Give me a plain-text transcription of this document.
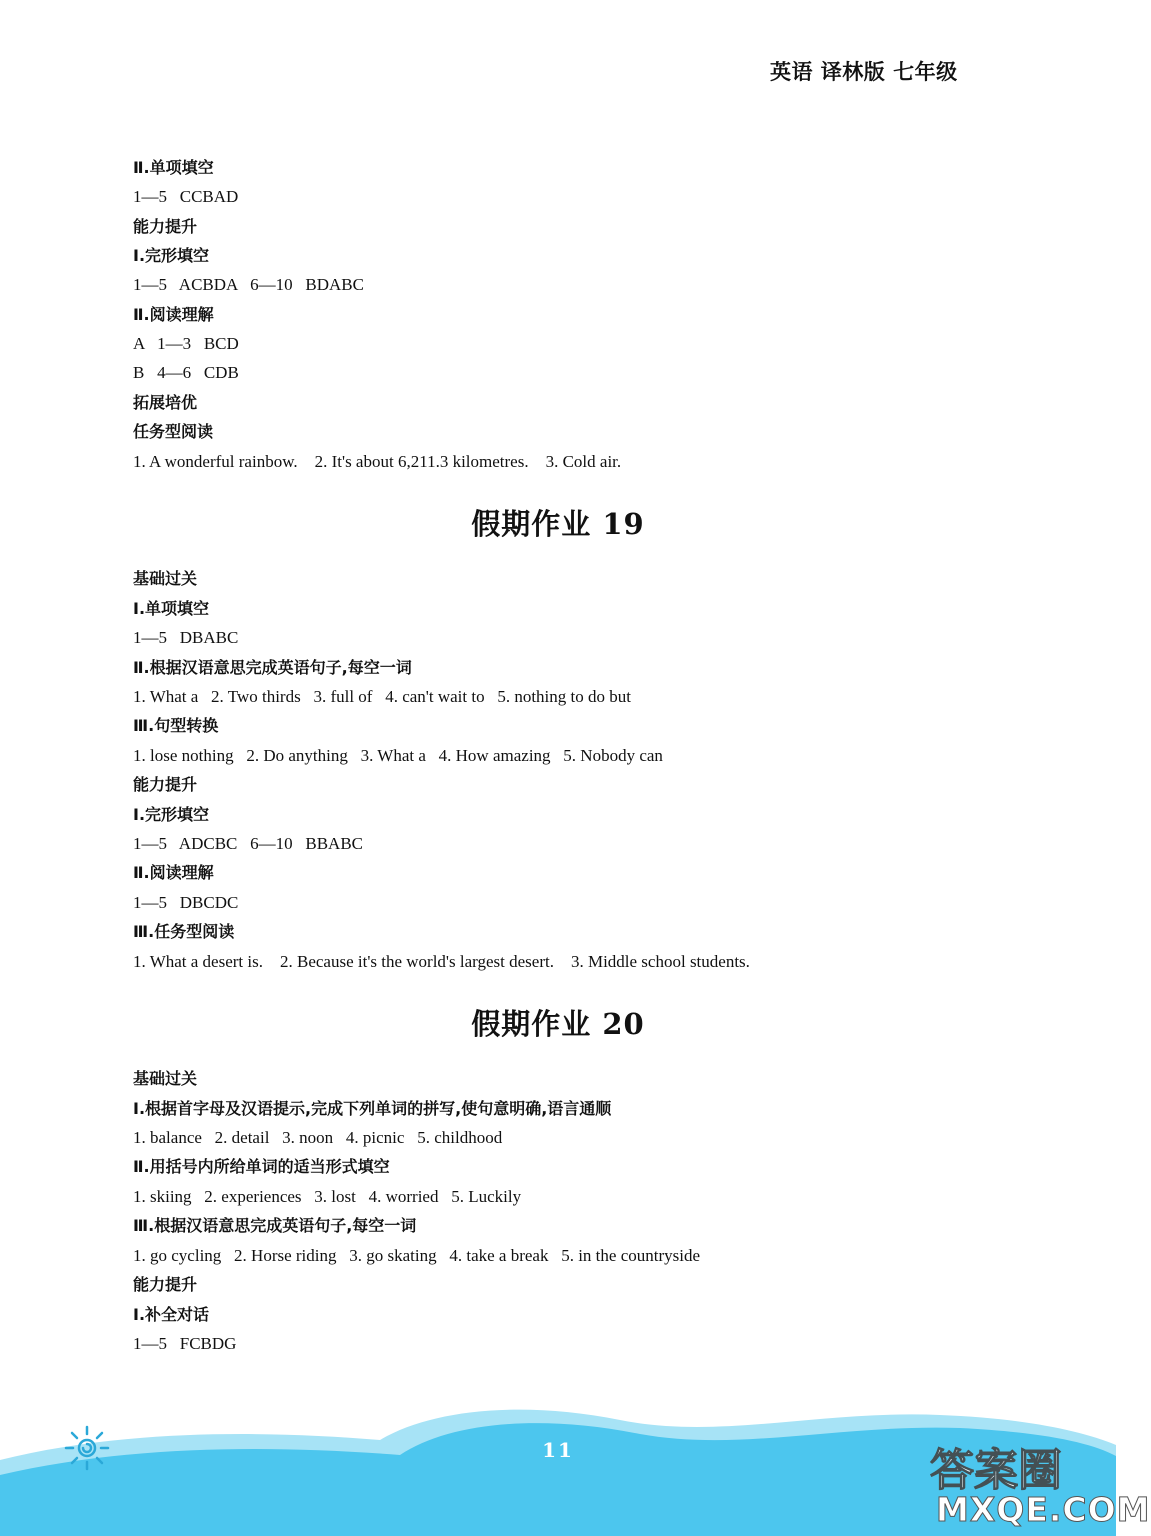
英语 译林版 七年级
Ⅱ.单项填空
1—5   CCBAD
能力提升
Ⅰ.完形填空
1—5   ACBDA   6—10   BDABC
Ⅱ.阅读理解
A   1—3   BCD
B   4—6   CDB
拓展培优
任务型阅读
1. A wonderful rainbow.    2. It's about 6,211.3 kilometres.    3. Cold air.
假期作业 19
基础过关
Ⅰ.单项填空
1—5   DBABC
Ⅱ.根据汉语意思完成英语句子,每空一词
1. What a   2. Two thirds   3. full of   4. can't wait to   5. nothing to do but
Ⅲ.句型转换
1. lose nothing   2. Do anything   3. What a   4. How amazing   5. Nobody can
能力提升
Ⅰ.完形填空
1—5   ADCBC   6—10   BBABC
Ⅱ.阅读理解
1—5   DBCDC
Ⅲ.任务型阅读
1. What a desert is.    2. Because it's the world's largest desert.    3. Middle school students.
假期作业 20
基础过关
Ⅰ.根据首字母及汉语提示,完成下列单词的拼写,使句意明确,语言通顺
1. balance   2. detail   3. noon   4. picnic   5. childhood
Ⅱ.用括号内所给单词的适当形式填空
1. skiing   2. experiences   3. lost   4. worried   5. Luckily
Ⅲ.根据汉语意思完成英语句子,每空一词
1. go cycling   2. Horse riding   3. go skating   4. take a break   5. in the countryside
能力提升
Ⅰ.补全对话
1—5   FCBDG
11	答案圈
MXQE.COM
